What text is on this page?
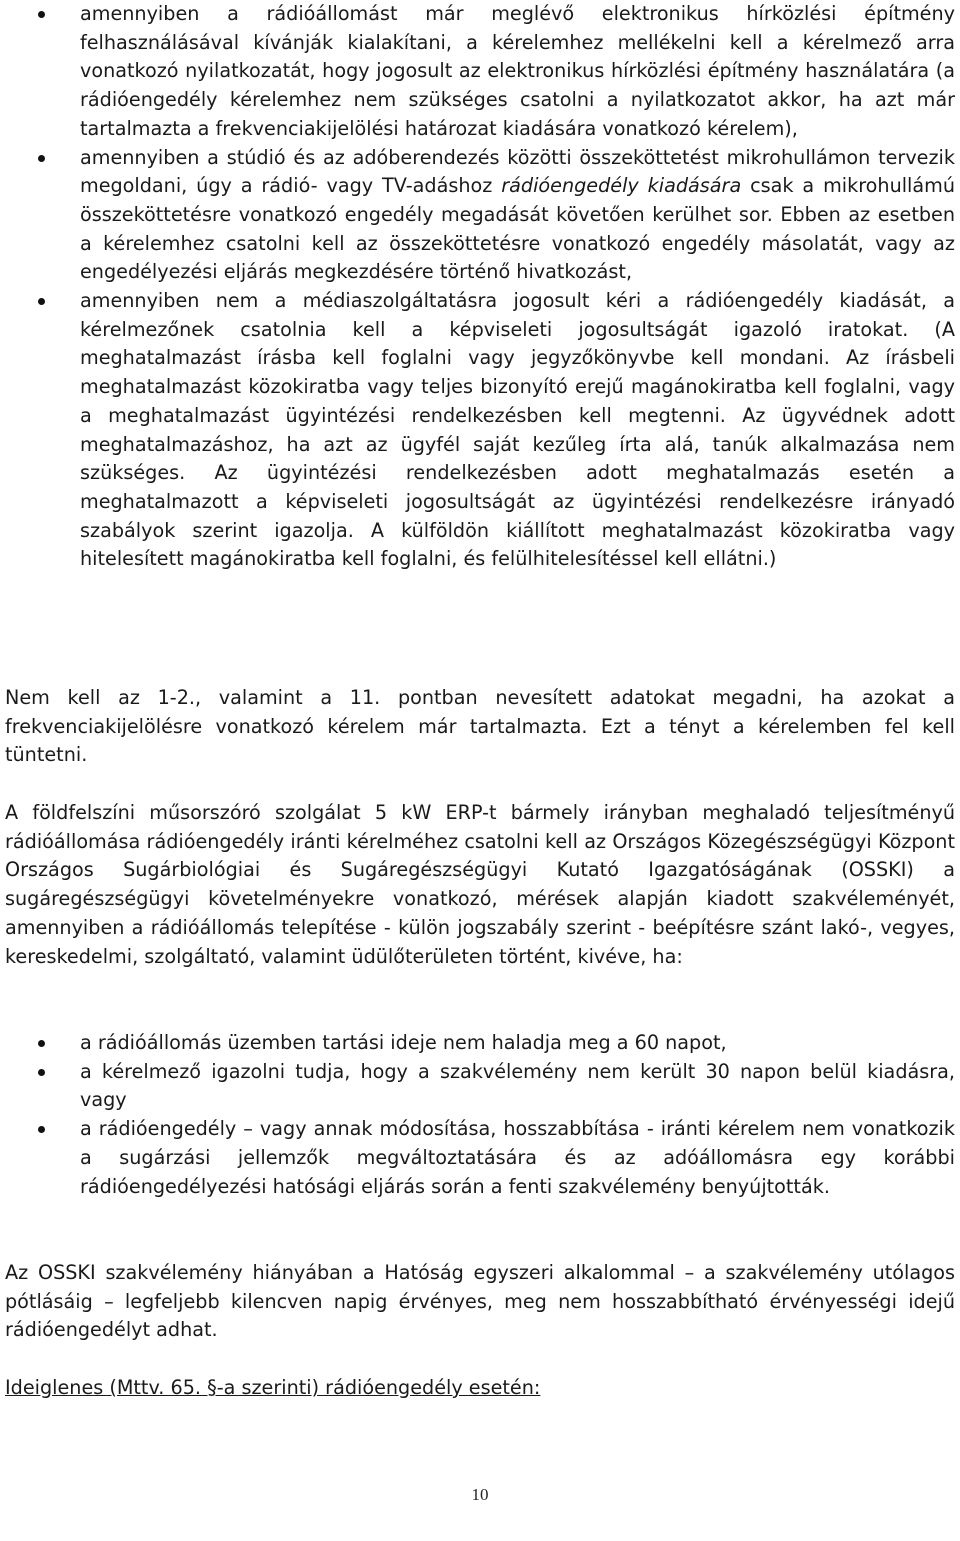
amennyiben a rádióállomást már meglévő elektronikus hírközlési építmény felhasználásával kívánják kialakítani, a kérelemhez mellékelni kell a kérelmező arra vonatkozó nyilatkozatát, hogy jogosult az elektronikus hírközlési építmény használatára (a rádióengedély kérelemhez nem szükséges csatolni a nyilatkozatot akkor, ha azt már tartalmazta a frekvenciakijelölési határozat kiadására vonatkozó kérelem),
amennyiben a stúdió és az adóberendezés közötti összeköttetést mikrohullámon tervezik megoldani, úgy a rádió- vagy TV-adáshoz rádióengedély kiadására csak a mikrohullámú összeköttetésre vonatkozó engedély megadását követően kerülhet sor. Ebben az esetben a kérelemhez csatolni kell az összeköttetésre vonatkozó engedély másolatát, vagy az engedélyezési eljárás megkezdésére történő hivatkozást,
amennyiben nem a médiaszolgáltatásra jogosult kéri a rádióengedély kiadását, a kérelmezőnek csatolnia kell a képviseleti jogosultságát igazoló iratokat. (A meghatalmazást írásba kell foglalni vagy jegyzőkönyvbe kell mondani. Az írásbeli meghatalmazást közokiratba vagy teljes bizonyító erejű magánokiratba kell foglalni, vagy a meghatalmazást ügyintézési rendelkezésben kell megtenni. Az ügyvédnek adott meghatalmazáshoz, ha azt az ügyfél saját kezűleg írta alá, tanúk alkalmazása nem szükséges. Az ügyintézési rendelkezésben adott meghatalmazás esetén a meghatalmazott a képviseleti jogosultságát az ügyintézési rendelkezésre irányadó szabályok szerint igazolja. A külföldön kiállított meghatalmazást közokiratba vagy hitelesített magánokiratba kell foglalni, és felülhitelesítéssel kell ellátni.)

Nem kell az 1-2., valamint a 11. pontban nevesített adatokat megadni, ha azokat a frekvenciakijelölésre vonatkozó kérelem már tartalmazta. Ezt a tényt a kérelemben fel kell tüntetni.

A földfelszíni műsorszóró szolgálat 5 kW ERP-t bármely irányban meghaladó teljesítményű rádióállomása rádióengedély iránti kérelméhez csatolni kell az Országos Közegészségügyi Központ Országos Sugárbiológiai és Sugáregészségügyi Kutató Igazgatóságának (OSSKI) a sugáregészségügyi követelményekre vonatkozó, mérések alapján kiadott szakvéleményét, amennyiben a rádióállomás telepítése - külön jogszabály szerint - beépítésre szánt lakó-, vegyes, kereskedelmi, szolgáltató, valamint üdülőterületen történt, kivéve, ha:

a rádióállomás üzemben tartási ideje nem haladja meg a 60 napot,
a kérelmező igazolni tudja, hogy a szakvélemény nem került 30 napon belül kiadásra, vagy
a rádióengedély – vagy annak módosítása, hosszabbítása - iránti kérelem nem vonatkozik a sugárzási jellemzők megváltoztatására és az adóállomásra egy korábbi rádióengedélyezési hatósági eljárás során a fenti szakvélemény benyújtották.

Az OSSKI szakvélemény hiányában a Hatóság egyszeri alkalommal – a szakvélemény utólagos pótlásáig – legfeljebb kilencven napig érvényes, meg nem hosszabbítható érvényességi idejű rádióengedélyt adhat.

Ideiglenes (Mttv. 65. §-a szerinti) rádióengedély esetén:

10
